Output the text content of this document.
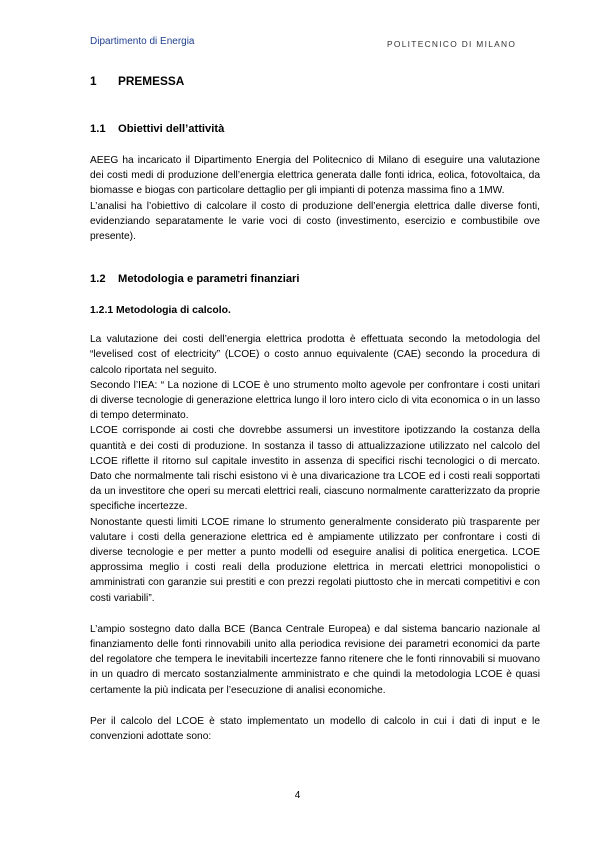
Dipartimento di Energia	POLITECNICO DI MILANO
1 PREMESSA
1.1 Obiettivi dell’attività

AEEG ha incaricato il Dipartimento Energia del Politecnico di Milano di eseguire una valutazione dei costi medi di produzione dell’energia elettrica generata dalle fonti idrica, eolica, fotovoltaica, da biomasse e biogas con particolare dettaglio per gli impianti di potenza massima fino a 1MW.

L’analisi ha l’obiettivo di calcolare il costo di produzione dell’energia elettrica dalle diverse fonti, evidenziando separatamente le varie voci di costo (investimento, esercizio e combustibile ove presente).

1.2 Metodologia e parametri finanziari
1.2.1 Metodologia di calcolo.

La valutazione dei costi dell’energia elettrica prodotta è effettuata secondo la metodologia del “levelised cost of electricity” (LCOE) o costo annuo equivalente (CAE) secondo la procedura di calcolo riportata nel seguito.

Secondo l’IEA: “ La nozione di LCOE è uno strumento molto agevole per confrontare i costi unitari di diverse tecnologie di generazione elettrica lungo il loro intero ciclo di vita economica o in un lasso di tempo determinato.

LCOE corrisponde ai costi che dovrebbe assumersi un investitore ipotizzando la costanza della quantità e dei costi di produzione. In sostanza il tasso di attualizzazione utilizzato nel calcolo del LCOE riflette il ritorno sul capitale investito in assenza di specifici rischi tecnologici o di mercato. Dato che normalmente tali rischi esistono vi è una divaricazione tra LCOE ed i costi reali sopportati da un investitore che operi su mercati elettrici reali, ciascuno normalmente caratterizzato da proprie specifiche incertezze.

Nonostante questi limiti LCOE rimane lo strumento generalmente considerato più trasparente per valutare i costi della generazione elettrica ed è ampiamente utilizzato per confrontare i costi di diverse tecnologie e per metter a punto modelli od eseguire analisi di politica energetica. LCOE approssima meglio i costi reali della produzione elettrica in mercati elettrici monopolistici o amministrati con garanzie sui prestiti e con prezzi regolati piuttosto che in mercati competitivi e con costi variabili”.

L’ampio sostegno dato dalla BCE (Banca Centrale Europea) e dal sistema bancario nazionale al finanziamento delle fonti rinnovabili unito alla periodica revisione dei parametri economici da parte del regolatore che tempera le inevitabili incertezze fanno ritenere che le fonti rinnovabili si muovano in un quadro di mercato sostanzialmente amministrato e che quindi la metodologia LCOE è quasi certamente la più indicata per l’esecuzione di analisi economiche.

Per il calcolo del LCOE è stato implementato un modello di calcolo in cui i dati di input e le convenzioni adottate sono:

4
